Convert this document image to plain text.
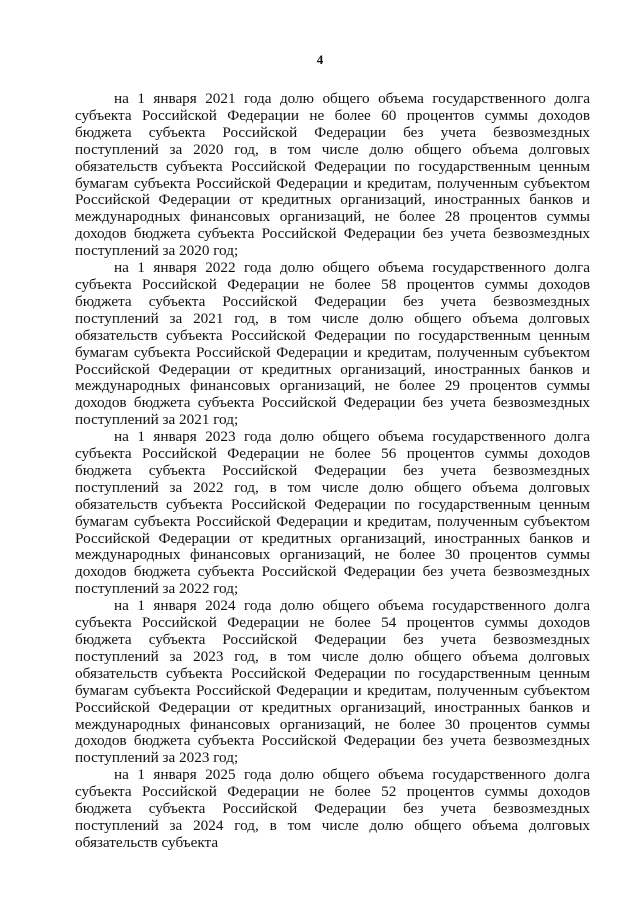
4

на 1 января 2021 года долю общего объема государственного долга субъекта Российской Федерации не более 60 процентов суммы доходов бюджета субъекта Российской Федерации без учета безвозмездных поступлений за 2020 год, в том числе долю общего объема долговых обязательств субъекта Российской Федерации по государственным ценным бумагам субъекта Российской Федерации и кредитам, полученным субъектом Российской Федерации от кредитных организаций, иностранных банков и международных финансовых организаций, не более 28 процентов суммы доходов бюджета субъекта Российской Федерации без учета безвозмездных поступлений за 2020 год;

на 1 января 2022 года долю общего объема государственного долга субъекта Российской Федерации не более 58 процентов суммы доходов бюджета субъекта Российской Федерации без учета безвозмездных поступлений за 2021 год, в том числе долю общего объема долговых обязательств субъекта Российской Федерации по государственным ценным бумагам субъекта Российской Федерации и кредитам, полученным субъектом Российской Федерации от кредитных организаций, иностранных банков и международных финансовых организаций, не более 29 процентов суммы доходов бюджета субъекта Российской Федерации без учета безвозмездных поступлений за 2021 год;

на 1 января 2023 года долю общего объема государственного долга субъекта Российской Федерации не более 56 процентов суммы доходов бюджета субъекта Российской Федерации без учета безвозмездных поступлений за 2022 год, в том числе долю общего объема долговых обязательств субъекта Российской Федерации по государственным ценным бумагам субъекта Российской Федерации и кредитам, полученным субъектом Российской Федерации от кредитных организаций, иностранных банков и международных финансовых организаций, не более 30 процентов суммы доходов бюджета субъекта Российской Федерации без учета безвозмездных поступлений за 2022 год;

на 1 января 2024 года долю общего объема государственного долга субъекта Российской Федерации не более 54 процентов суммы доходов бюджета субъекта Российской Федерации без учета безвозмездных поступлений за 2023 год, в том числе долю общего объема долговых обязательств субъекта Российской Федерации по государственным ценным бумагам субъекта Российской Федерации и кредитам, полученным субъектом Российской Федерации от кредитных организаций, иностранных банков и международных финансовых организаций, не более 30 процентов суммы доходов бюджета субъекта Российской Федерации без учета безвозмездных поступлений за 2023 год;

на 1 января 2025 года долю общего объема государственного долга субъекта Российской Федерации не более 52 процентов суммы доходов бюджета субъекта Российской Федерации без учета безвозмездных поступлений за 2024 год, в том числе долю общего объема долговых обязательств субъекта
